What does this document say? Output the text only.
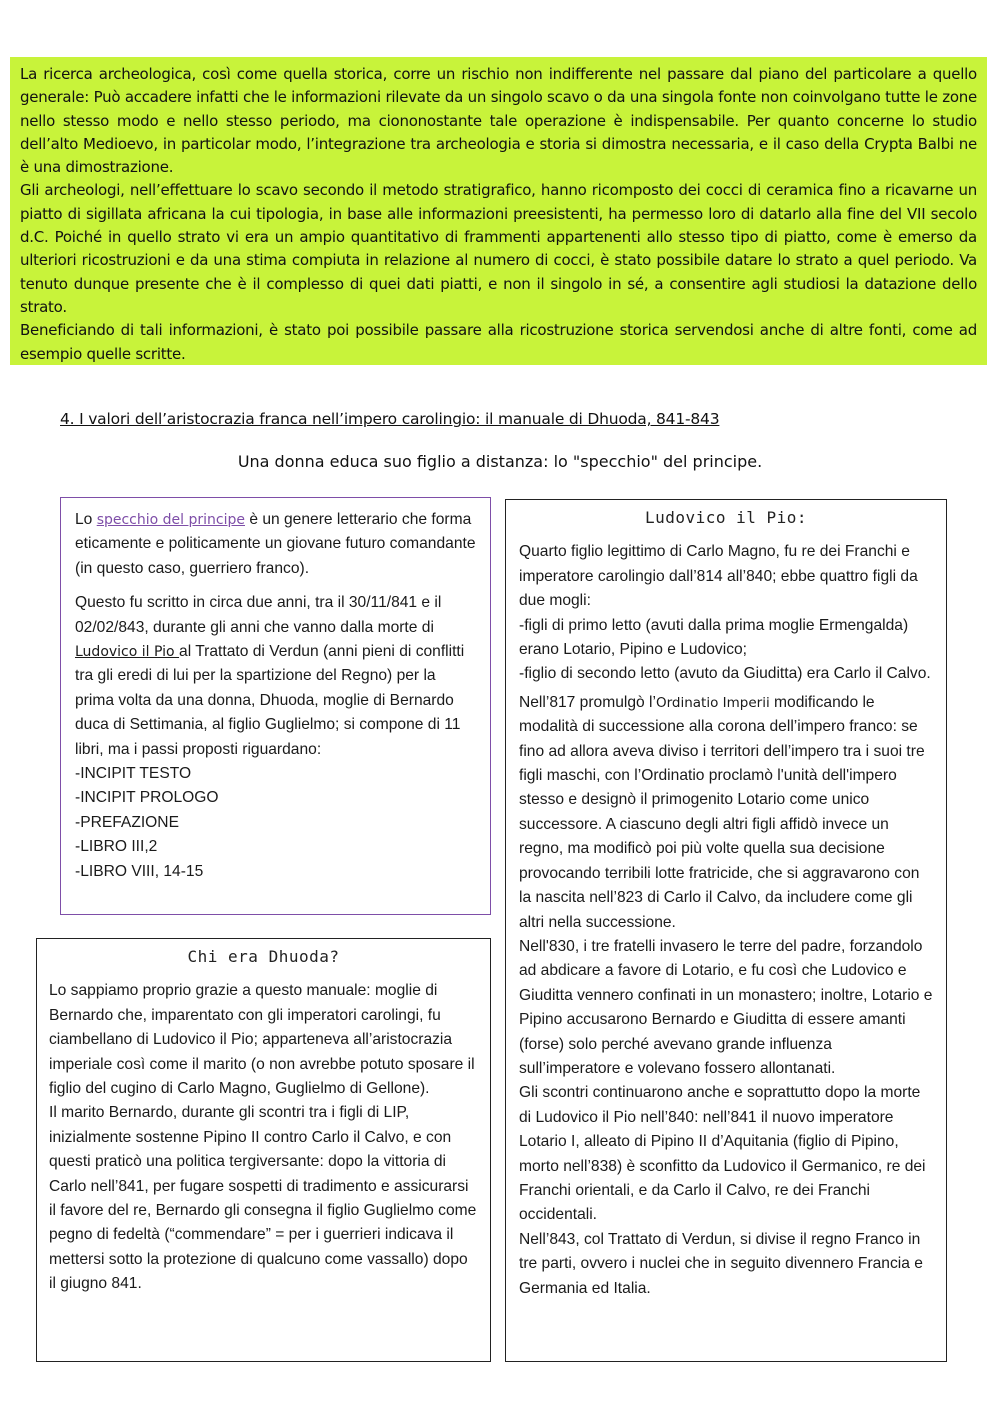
La ricerca archeologica, così come quella storica, corre un rischio non indifferente nel passare dal piano del particolare a quello generale: Può accadere infatti che le informazioni rilevate da un singolo scavo o da una singola fonte non coinvolgano tutte le zone nello stesso modo e nello stesso periodo, ma ciononostante tale operazione è indispensabile. Per quanto concerne lo studio dell’alto Medioevo, in particolar modo, l’integrazione tra archeologia e storia si dimostra necessaria, e il caso della Crypta Balbi ne è una dimostrazione.

Gli archeologi, nell’effettuare lo scavo secondo il metodo stratigrafico, hanno ricomposto dei cocci di ceramica fino a ricavarne un piatto di sigillata africana la cui tipologia, in base alle informazioni preesistenti, ha permesso loro di datarlo alla fine del VII secolo d.C. Poiché in quello strato vi era un ampio quantitativo di frammenti appartenenti allo stesso tipo di piatto, come è emerso da ulteriori ricostruzioni e da una stima compiuta in relazione al numero di cocci, è stato possibile datare lo strato a quel periodo. Va tenuto dunque presente che è il complesso di quei dati piatti, e non il singolo in sé, a consentire agli studiosi la datazione dello strato.

Beneficiando di tali informazioni, è stato poi possibile passare alla ricostruzione storica servendosi anche di altre fonti, come ad esempio quelle scritte.

4. I valori dell’aristocrazia franca nell’impero carolingio: il manuale di Dhuoda, 841-843
Una donna educa suo figlio a distanza: lo "specchio" del principe.

Lo specchio del principe è un genere letterario che forma eticamente e politicamente un giovane futuro comandante (in questo caso, guerriero franco).

Questo fu scritto in circa due anni, tra il 30/11/841 e il 02/02/843, durante gli anni che vanno dalla morte di Ludovico il Pio al Trattato di Verdun (anni pieni di conflitti tra gli eredi di lui per la spartizione del Regno) per la prima volta da una donna, Dhuoda, moglie di Bernardo duca di Settimania, al figlio Guglielmo; si compone di 11 libri, ma i passi proposti riguardano:

-INCIPIT TESTO
-INCIPIT PROLOGO
-PREFAZIONE
-LIBRO III,2
-LIBRO VIII, 14-15
Chi era Dhuoda?
Lo sappiamo proprio grazie a questo manuale: moglie di Bernardo che, imparentato con gli imperatori carolingi, fu ciambellano di Ludovico il Pio; apparteneva all’aristocrazia imperiale così come il marito (o non avrebbe potuto sposare il figlio del cugino di Carlo Magno, Guglielmo di Gellone).
Il marito Bernardo, durante gli scontri tra i figli di LIP, inizialmente sostenne Pipino II contro Carlo il Calvo, e con questi praticò una politica tergiversante: dopo la vittoria di Carlo nell’841, per fugare sospetti di tradimento e assicurarsi il favore del re, Bernardo gli consegna il figlio Guglielmo come pegno di fedeltà (“commendare” = per i guerrieri indicava il mettersi sotto la protezione di qualcuno come vassallo) dopo il giugno 841.
Ludovico il Pio:

Quarto figlio legittimo di Carlo Magno, fu re dei Franchi e imperatore carolingio dall’814 all’840; ebbe quattro figli da due mogli:
-figli di primo letto (avuti dalla prima moglie Ermengalda) erano Lotario, Pipino e Ludovico;
-figlio di secondo letto (avuto da Giuditta) era Carlo il Calvo.

Nell’817 promulgò l’Ordinatio Imperii modificando le modalità di successione alla corona dell’impero franco: se fino ad allora aveva diviso i territori dell’impero tra i suoi tre figli maschi, con l’Ordinatio proclamò l'unità dell'impero stesso e designò il primogenito Lotario come unico successore. A ciascuno degli altri figli affidò invece un regno, ma modificò poi più volte quella sua decisione provocando terribili lotte fratricide, che si aggravarono con la nascita nell’823 di Carlo il Calvo, da includere come gli altri nella successione.
Nell'830, i tre fratelli invasero le terre del padre, forzandolo ad abdicare a favore di Lotario, e fu così che Ludovico e Giuditta vennero confinati in un monastero; inoltre, Lotario e Pipino accusarono Bernardo e Giuditta di essere amanti (forse) solo perché avevano grande influenza sull’imperatore e volevano fossero allontanati.
Gli scontri continuarono anche e soprattutto dopo la morte di Ludovico il Pio nell’840: nell’841 il nuovo imperatore Lotario I, alleato di Pipino II d’Aquitania (figlio di Pipino, morto nell’838) è sconfitto da Ludovico il Germanico, re dei Franchi orientali, e da Carlo il Calvo, re dei Franchi occidentali.
Nell’843, col Trattato di Verdun, si divise il regno Franco in tre parti, ovvero i nuclei che in seguito divennero Francia e Germania ed Italia.
